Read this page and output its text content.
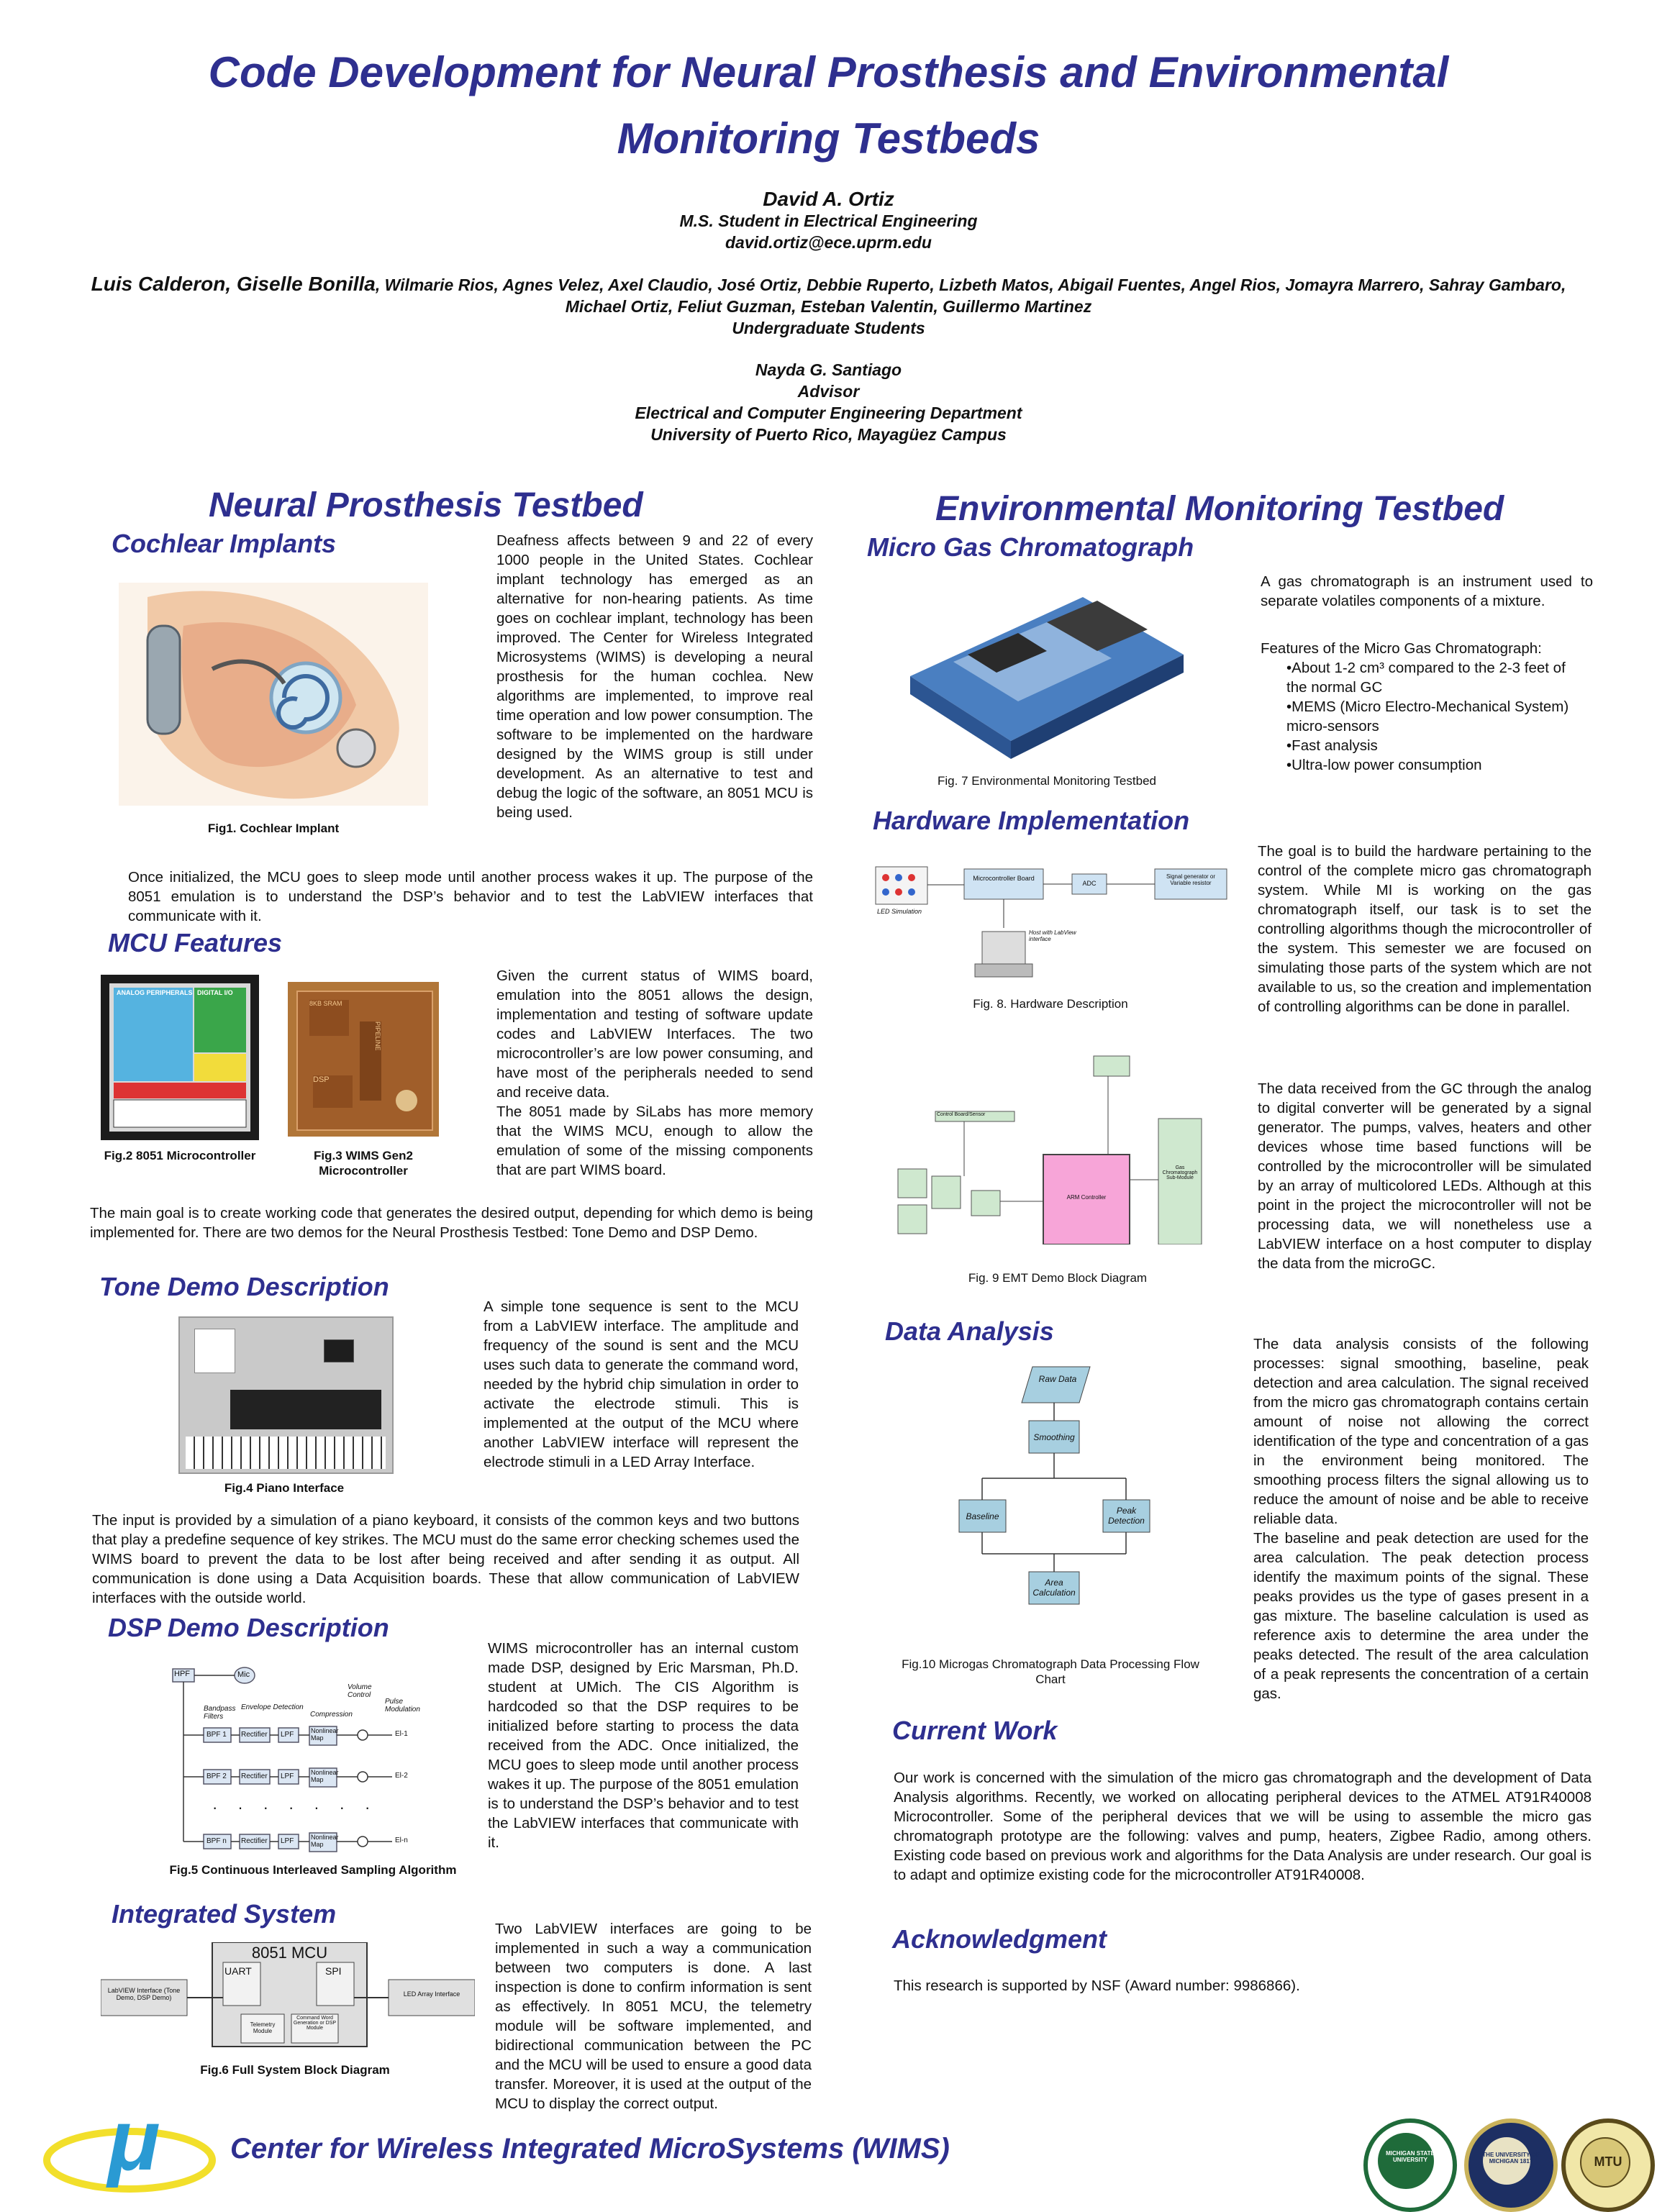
Code Development for Neural Prosthesis and Environmental
Monitoring Testbeds
David A. Ortiz
M.S. Student in Electrical Engineering
david.ortiz@ece.uprm.edu
Luis Calderon, Giselle Bonilla, Wilmarie Rios, Agnes Velez, Axel Claudio, José Ortiz, Debbie Ruperto, Lizbeth Matos, Abigail Fuentes, Angel Rios, Jomayra Marrero, Sahray Gambaro, Michael Ortiz, Feliut Guzman, Esteban Valentin, Guillermo Martinez
Undergraduate Students
Nayda G. Santiago
Advisor
Electrical and Computer Engineering Department
University of Puerto Rico, Mayagüez Campus
Neural Prosthesis Testbed
Cochlear Implants
Fig1. Cochlear Implant
Deafness affects between 9 and 22 of every 1000 people in the United States. Cochlear implant technology has emerged as an alternative for non-hearing patients. As time goes on cochlear implant, technology has been improved. The Center for Wireless Integrated Microsystems (WIMS) is developing a neural prosthesis for the human cochlea. New algorithms are implemented, to improve real time operation and low power consumption. The software to be implemented on the hardware designed by the WIMS group is still under development. As an alternative to test and debug the logic of the software, an 8051 MCU is being used.
Once initialized, the MCU goes to sleep mode until another process wakes it up. The purpose of the 8051 emulation is to understand the DSP’s behavior and to test the LabVIEW interfaces that communicate with it.
MCU Features
ANALOG PERIPHERALS DIGITAL I/O
8KB SRAM
PIPELINE
DSP
Fig.2 8051 Microcontroller	Fig.3 WIMS Gen2 Microcontroller
Given the current status of WIMS board, emulation into the 8051 allows the design, implementation and testing of software update codes and LabVIEW Interfaces. The two microcontroller’s are low power consuming, and have most of the peripherals needed to send and receive data.
The 8051 made by SiLabs has more memory that the WIMS MCU, enough to allow the emulation of some of the missing components that are part WIMS board.
The main goal is to create working code that generates the desired output, depending for which demo is being implemented for. There are two demos for the Neural Prosthesis Testbed: Tone Demo and DSP Demo.
Tone Demo Description
Fig.4 Piano Interface
A simple tone sequence is sent to the MCU from a LabVIEW interface. The amplitude and frequency of the sound is sent and the MCU uses such data to generate the command word, needed by the hybrid chip simulation in order to activate the electrode stimuli. This is implemented at the output of the MCU where another LabVIEW interface will represent the electrode stimuli in a LED Array Interface.
The input is provided by a simulation of a piano keyboard, it consists of the common keys and two buttons that play a predefine sequence of key strikes. The MCU must do the same error checking schemes used the WIMS board to prevent the data to be lost after being received and after sending it as output. All communication is done using a Data Acquisition boards. These that allow communication of LabVIEW interfaces with the outside world.
DSP Demo Description
HPF	Mic
Bandpass Filters
Envelope Detection
Compression
Volume Control
Pulse Modulation
BPF 1 Rectifier LPF	Nonlinear Map	El-1
BPF 2 Rectifier LPF	Nonlinear Map	El-2
·······
BPF n Rectifier LPF	Nonlinear Map	El-n
Fig.5 Continuous Interleaved Sampling Algorithm
WIMS microcontroller has an internal custom made DSP, designed by Eric Marsman, Ph.D. student at UMich. The CIS Algorithm is hardcoded so that the DSP requires to be initialized before starting to process the data received from the ADC. Once initialized, the MCU goes to sleep mode until another process wakes it up. The purpose of the 8051 emulation is to understand the DSP’s behavior and to test the LabVIEW interfaces that communicate with it.
Integrated System
LabVIEW Interface (Tone Demo, DSP Demo)
8051 MCU
UART	SPI
Telemetry Module
Command Word Generation or DSP Module
LED Array Interface
Fig.6 Full System Block Diagram
Two LabVIEW interfaces are going to be implemented in such a way a communication between two computers is done. A last inspection is done to confirm information is sent as effectively. In 8051 MCU, the telemetry module will be software implemented, and bidirectional communication between the PC and the MCU will be used to ensure a good data transfer. Moreover, it is used at the output of the MCU to display the correct output.
Environmental Monitoring Testbed
Micro Gas Chromatograph
Fig. 7 Environmental Monitoring Testbed
A gas chromatograph is an instrument used to separate volatiles components of a mixture.
Features of the Micro Gas Chromatograph:
•About 1-2 cm³ compared to the 2-3 feet of the normal GC
•MEMS (Micro Electro-Mechanical System) micro-sensors
•Fast analysis
•Ultra-low power consumption
Hardware Implementation
LED Simulation
Microcontroller Board
ADC
Signal generator or Variable resistor
Host with LabView interface
Fig. 8. Hardware Description
The goal is to build the hardware pertaining to the control of the complete micro gas chromatograph system. While MI is working on the gas chromatograph itself, our task is to set the controlling algorithms though the microcontroller of the system. This semester we are focused on simulating those parts of the system which are not available to us, so the creation and implementation of controlling algorithms can be done in parallel.
Control Board/Sensor
ARM Controller
Gas Chromatograph Sub-Module
Fig. 9 EMT Demo Block Diagram
The data received from the GC through the analog to digital converter will be generated by a signal generator. The pumps, valves, heaters and other devices whose time based functions will be controlled by the microcontroller will be simulated by an array of multicolored LEDs. Although at this point in the project the microcontroller will not be processing data, we will nonetheless use a LabVIEW interface on a host computer to display the data from the microGC.
Data Analysis
Raw Data
Smoothing
Baseline
Peak Detection
Area Calculation
Fig.10 Microgas Chromatograph Data Processing Flow Chart
The data analysis consists of the following processes: signal smoothing, baseline, peak detection and area calculation. The signal received from the micro gas chromatograph contains certain amount of noise not allowing the correct identification of the type and concentration of a gas in the environment being monitored. The smoothing process filters the signal allowing us to reduce the amount of noise and be able to receive reliable data.
The baseline and peak detection are used for the area calculation. The peak detection process identify the maximum points of the signal. These peaks provides us the type of gases present in a gas mixture. The baseline calculation is used as reference axis to determine the area under the peaks detected. The result of the area calculation of a peak represents the concentration of a certain gas.
Current Work
Our work is concerned with the simulation of the micro gas chromatograph and the development of Data Analysis algorithms. Recently, we worked on allocating peripheral devices to the ATMEL AT91R40008 Microcontroller. Some of the peripheral devices that we will be using to assemble the micro gas chromatograph prototype are the following: valves and pump, heaters, Zigbee Radio, among others. Existing code based on previous work and algorithms for the Data Analysis are under research. Our goal is to adapt and optimize existing code for the microcontroller AT91R40008.
Acknowledgment
This research is supported by NSF (Award number: 9986866).
μ Center for Wireless Integrated MicroSystems (WIMS)	MICHIGAN STATE UNIVERSITY
THE UNIVERSITY OF MICHIGAN 1817	MTU
